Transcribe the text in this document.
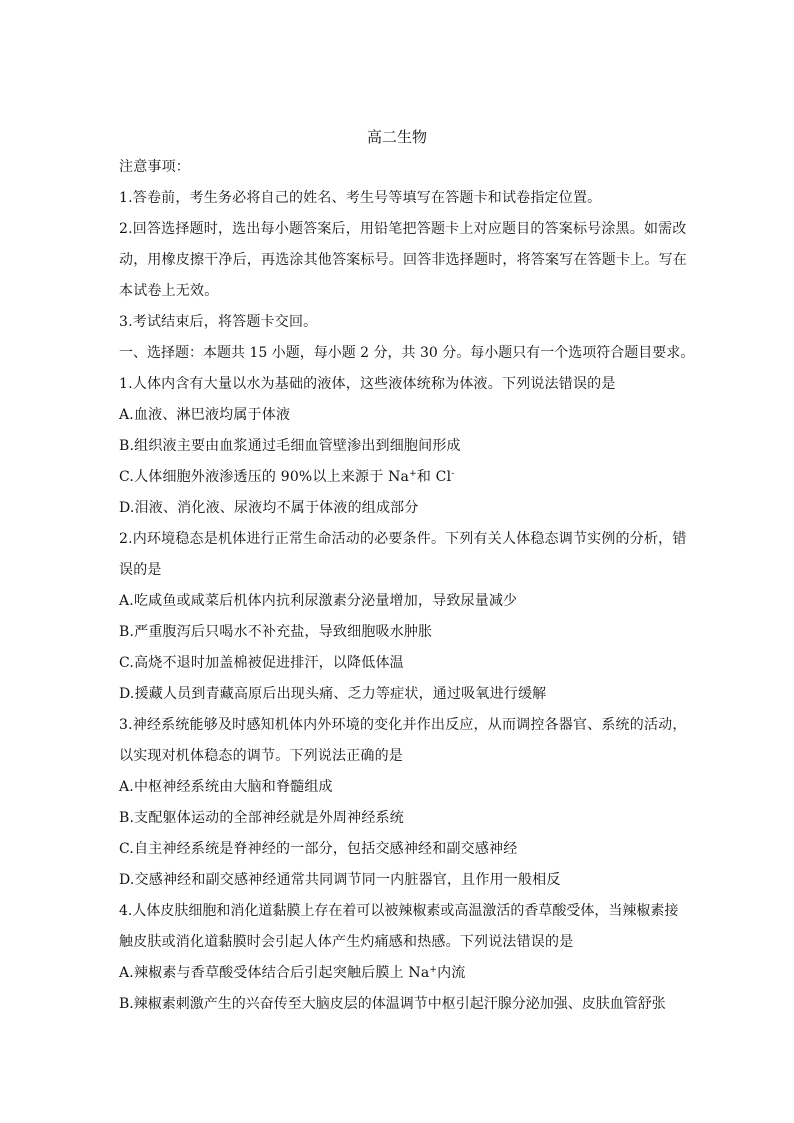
高二生物
注意事项：
1.答卷前，考生务必将自己的姓名、考生号等填写在答题卡和试卷指定位置。
2.回答选择题时，选出每小题答案后，用铅笔把答题卡上对应题目的答案标号涂黑。如需改
动，用橡皮擦干净后，再选涂其他答案标号。回答非选择题时，将答案写在答题卡上。写在
本试卷上无效。
3.考试结束后，将答题卡交回。
一、选择题：本题共 15 小题，每小题 2 分，共 30 分。每小题只有一个选项符合题目要求。
1.人体内含有大量以水为基础的液体，这些液体统称为体液。下列说法错误的是
A.血液、淋巴液均属于体液
B.组织液主要由血浆通过毛细血管壁渗出到细胞间形成
C.人体细胞外液渗透压的 90%以上来源于 Na+和 Cl-
D.泪液、消化液、尿液均不属于体液的组成部分
2.内环境稳态是机体进行正常生命活动的必要条件。下列有关人体稳态调节实例的分析，错
误的是
A.吃咸鱼或咸菜后机体内抗利尿激素分泌量增加，导致尿量减少
B.严重腹泻后只喝水不补充盐，导致细胞吸水肿胀
C.高烧不退时加盖棉被促进排汗，以降低体温
D.援藏人员到青藏高原后出现头痛、乏力等症状，通过吸氧进行缓解
3.神经系统能够及时感知机体内外环境的变化并作出反应，从而调控各器官、系统的活动，
以实现对机体稳态的调节。下列说法正确的是
A.中枢神经系统由大脑和脊髓组成
B.支配躯体运动的全部神经就是外周神经系统
C.自主神经系统是脊神经的一部分，包括交感神经和副交感神经
D.交感神经和副交感神经通常共同调节同一内脏器官，且作用一般相反
4.人体皮肤细胞和消化道黏膜上存在着可以被辣椒素或高温激活的香草酸受体，当辣椒素接
触皮肤或消化道黏膜时会引起人体产生灼痛感和热感。下列说法错误的是
A.辣椒素与香草酸受体结合后引起突触后膜上 Na+内流
B.辣椒素刺激产生的兴奋传至大脑皮层的体温调节中枢引起汗腺分泌加强、皮肤血管舒张
